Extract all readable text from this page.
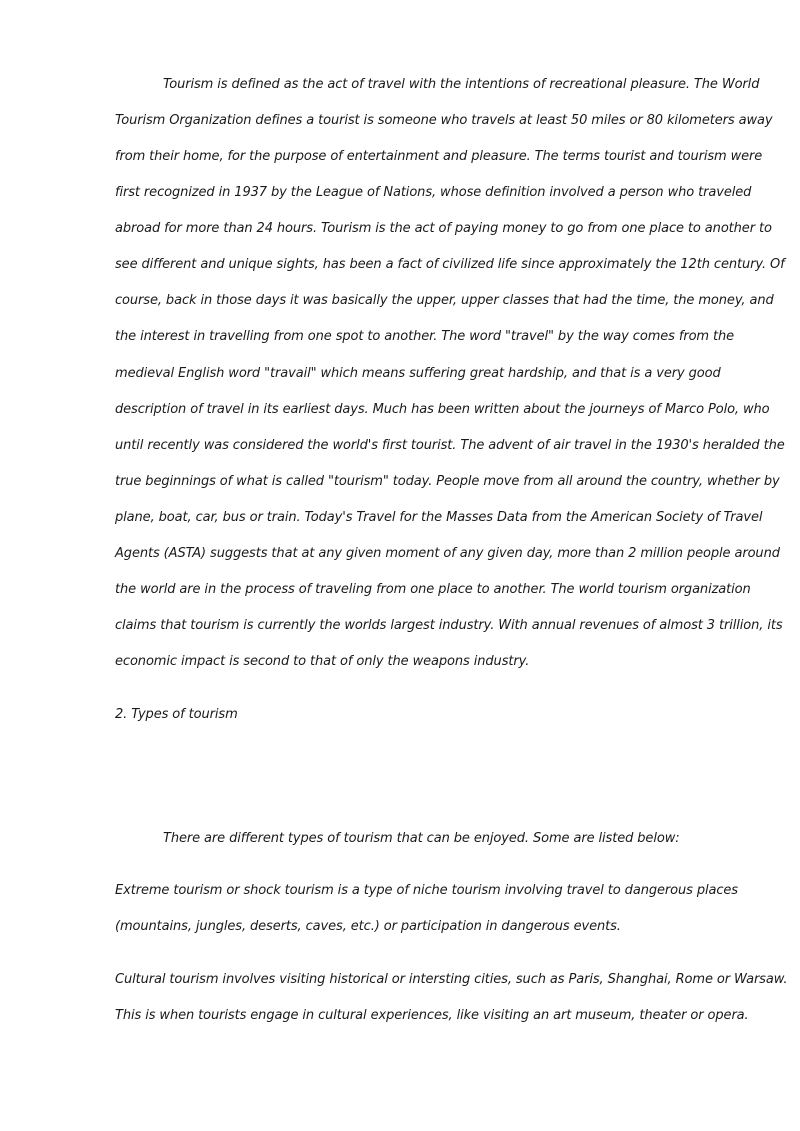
Tourism is defined as the act of travel with the intentions of recreational pleasure. The World
Tourism Organization defines a tourist is someone who travels at least 50 miles or 80 kilometers away
from their home, for the purpose of entertainment and pleasure. The terms tourist and tourism were
first recognized in 1937 by the League of Nations, whose definition involved a person who traveled
abroad for more than 24 hours. Tourism is the act of paying money to go from one place to another to
see different and unique sights, has been a fact of civilized life since approximately the 12th century. Of
course, back in those days it was basically the upper, upper classes that had the time, the money, and
the interest in travelling from one spot to another. The word "travel" by the way comes from the
medieval English word "travail" which means suffering great hardship, and that is a very good
description of travel in its earliest days. Much has been written about the journeys of Marco Polo, who
until recently was considered the world's first tourist. The advent of air travel in the 1930's heralded the
true beginnings of what is called "tourism" today. People move from all around the country, whether by
plane, boat, car, bus or train. Today's Travel for the Masses Data from the American Society of Travel
Agents (ASTA) suggests that at any given moment of any given day, more than 2 million people around
the world are in the process of traveling from one place to another. The world tourism organization
claims that tourism is currently the worlds largest industry. With annual revenues of almost 3 trillion, its
economic impact is second to that of only the weapons industry.
2. Types of tourism
There are different types of tourism that can be enjoyed. Some are listed below:
Extreme tourism or shock tourism is a type of niche tourism involving travel to dangerous places
(mountains, jungles, deserts, caves, etc.) or participation in dangerous events.
Cultural tourism involves visiting historical or intersting cities, such as Paris, Shanghai, Rome or Warsaw.
This is when tourists engage in cultural experiences, like visiting an art museum, theater or opera.
